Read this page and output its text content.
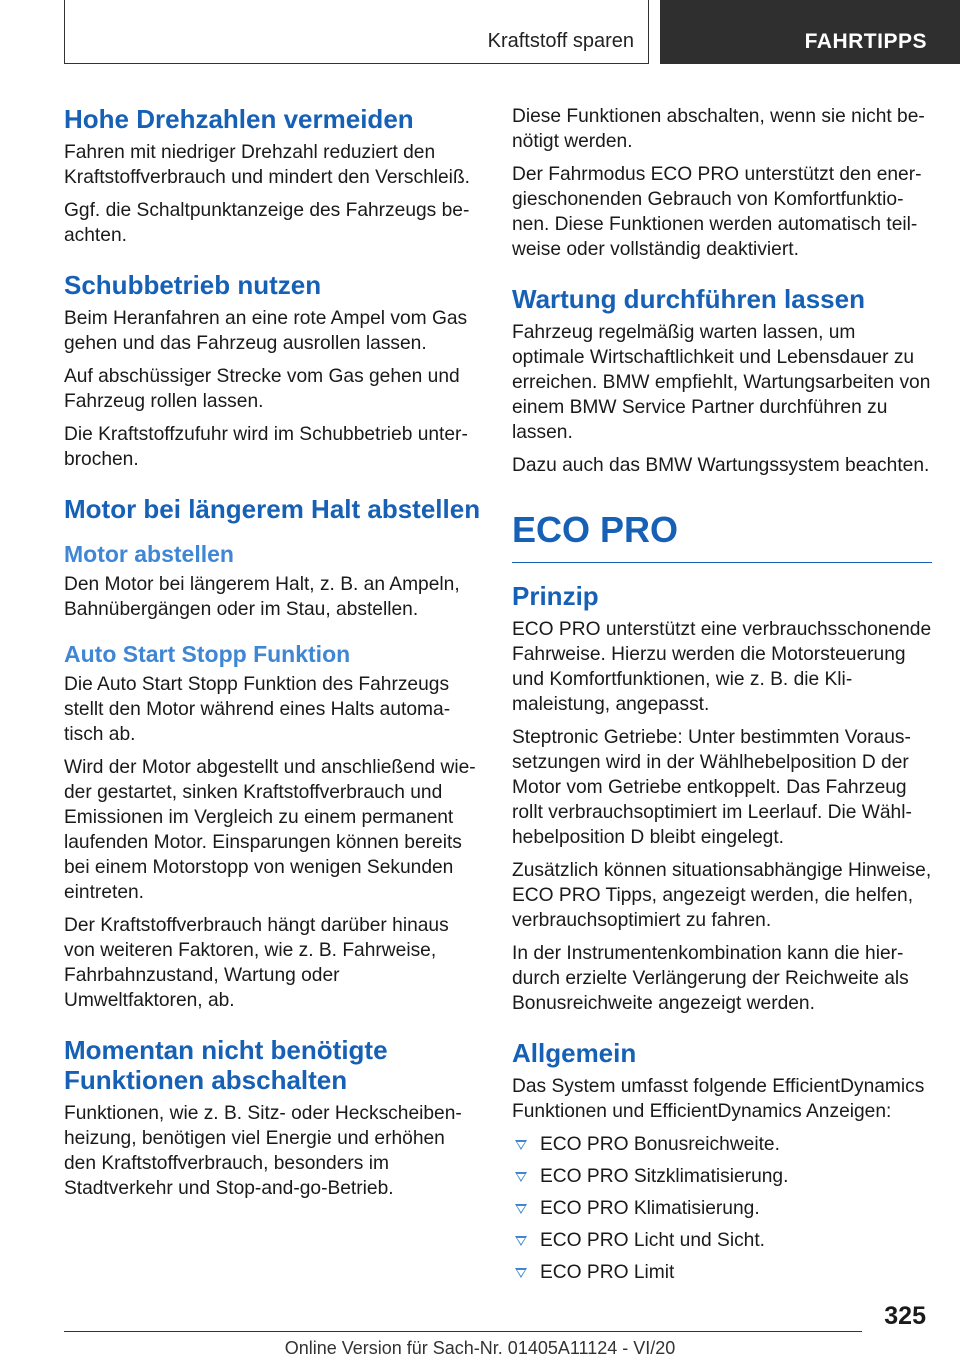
Kraftstoff sparen	FAHRTIPPS
Hohe Drehzahlen vermeiden

Fahren mit niedriger Drehzahl reduziert den Kraftstoffverbrauch und mindert den Verschleiß.

Ggf. die Schaltpunktanzeige des Fahrzeugs beachten.

Schubbetrieb nutzen

Beim Heranfahren an eine rote Ampel vom Gas gehen und das Fahrzeug ausrollen lassen.

Auf abschüssiger Strecke vom Gas gehen und Fahrzeug rollen lassen.

Die Kraftstoffzufuhr wird im Schubbetrieb unterbrochen.

Motor bei längerem Halt abstellen
Motor abstellen

Den Motor bei längerem Halt, z. B. an Ampeln, Bahnübergängen oder im Stau, abstellen.

Auto Start Stopp Funktion

Die Auto Start Stopp Funktion des Fahrzeugs stellt den Motor während eines Halts automatisch ab.

Wird der Motor abgestellt und anschließend wieder gestartet, sinken Kraftstoffverbrauch und Emissionen im Vergleich zu einem permanent laufenden Motor. Einsparungen können bereits bei einem Motorstopp von wenigen Sekunden eintreten.

Der Kraftstoffverbrauch hängt darüber hinaus von weiteren Faktoren, wie z. B. Fahrweise, Fahrbahnzustand, Wartung oder Umweltfaktoren, ab.

Momentan nicht benötigte Funktionen abschalten

Funktionen, wie z. B. Sitz- oder Heckscheibenheizung, benötigen viel Energie und erhöhen den Kraftstoffverbrauch, besonders im Stadtverkehr und Stop-and-go-Betrieb.

Diese Funktionen abschalten, wenn sie nicht benötigt werden.

Der Fahrmodus ECO PRO unterstützt den energieschonenden Gebrauch von Komfortfunktionen. Diese Funktionen werden automatisch teilweise oder vollständig deaktiviert.

Wartung durchführen lassen

Fahrzeug regelmäßig warten lassen, um optimale Wirtschaftlichkeit und Lebensdauer zu erreichen. BMW empfiehlt, Wartungsarbeiten von einem BMW Service Partner durchführen zu lassen.

Dazu auch das BMW Wartungssystem beachten.

ECO PRO
Prinzip

ECO PRO unterstützt eine verbrauchsschonende Fahrweise. Hierzu werden die Motorsteuerung und Komfortfunktionen, wie z. B. die Klimaleistung, angepasst.

Steptronic Getriebe: Unter bestimmten Voraussetzungen wird in der Wählhebelposition D der Motor vom Getriebe entkoppelt. Das Fahrzeug rollt verbrauchsoptimiert im Leerlauf. Die Wählhebelposition D bleibt eingelegt.

Zusätzlich können situationsabhängige Hinweise, ECO PRO Tipps, angezeigt werden, die helfen, verbrauchsoptimiert zu fahren.

In der Instrumentenkombination kann die hierdurch erzielte Verlängerung der Reichweite als Bonusreichweite angezeigt werden.

Allgemein

Das System umfasst folgende EfficientDynamics Funktionen und EfficientDynamics Anzeigen:

ECO PRO Bonusreichweite.
ECO PRO Sitzklimatisierung.
ECO PRO Klimatisierung.
ECO PRO Licht und Sicht.
ECO PRO Limit
325
Online Version für Sach-Nr. 01405A11124 - VI/20
